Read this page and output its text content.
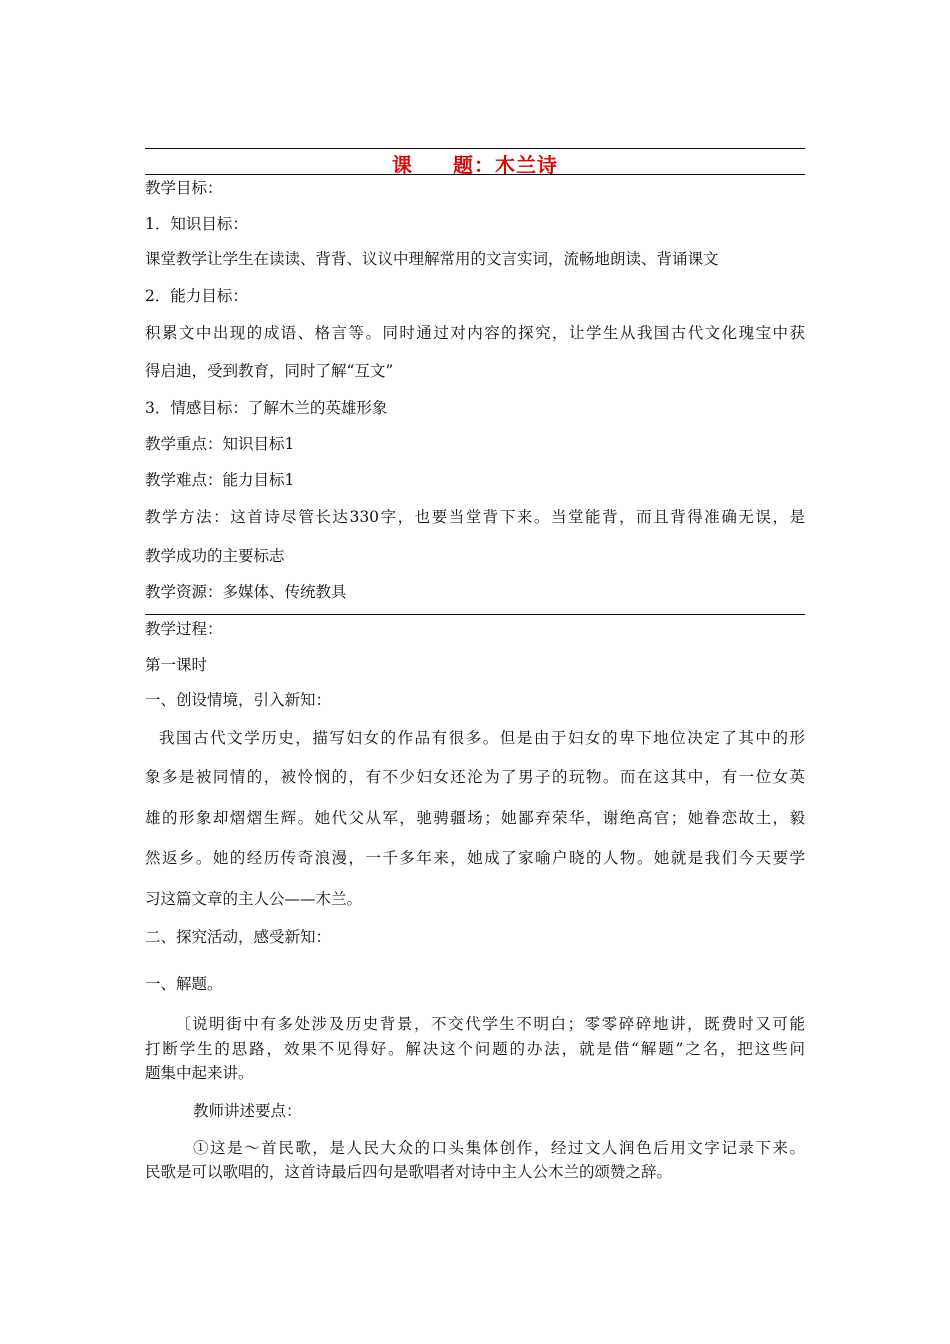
课 题：木兰诗
教学目标：
1．知识目标：
课堂教学让学生在读读、背背、议议中理解常用的文言实词，流畅地朗读、背诵课文
2．能力目标：
积累文中出现的成语、格言等。同时通过对内容的探究，让学生从我国古代文化瑰宝中获
得启迪，受到教育，同时了解“互文”
3．情感目标：了解木兰的英雄形象
教学重点：知识目标1
教学难点：能力目标1
教学方法：这首诗尽管长达330字，也要当堂背下来。当堂能背，而且背得准确无误，是
教学成功的主要标志
教学资源：多媒体、传统教具
教学过程：
第一课时
一、创设情境，引入新知：
我国古代文学历史，描写妇女的作品有很多。但是由于妇女的卑下地位决定了其中的形
象多是被同情的，被怜悯的，有不少妇女还沦为了男子的玩物。而在这其中，有一位女英
雄的形象却熠熠生辉。她代父从军，驰骋疆场；她鄙弃荣华，谢绝高官；她眷恋故土，毅
然返乡。她的经历传奇浪漫，一千多年来，她成了家喻户晓的人物。她就是我们今天要学
习这篇文章的主人公——木兰。
二、探究活动，感受新知：
一、解题。
〔说明街中有多处涉及历史背景，不交代学生不明白；零零碎碎地讲，既费时又可能
打断学生的思路，效果不见得好。解决这个问题的办法，就是借“解题”之名，把这些问
题集中起来讲。
教师讲述要点：
①这是～首民歌，是人民大众的口头集体创作，经过文人润色后用文字记录下来。
民歌是可以歌唱的，这首诗最后四句是歌唱者对诗中主人公木兰的颂赞之辞。
